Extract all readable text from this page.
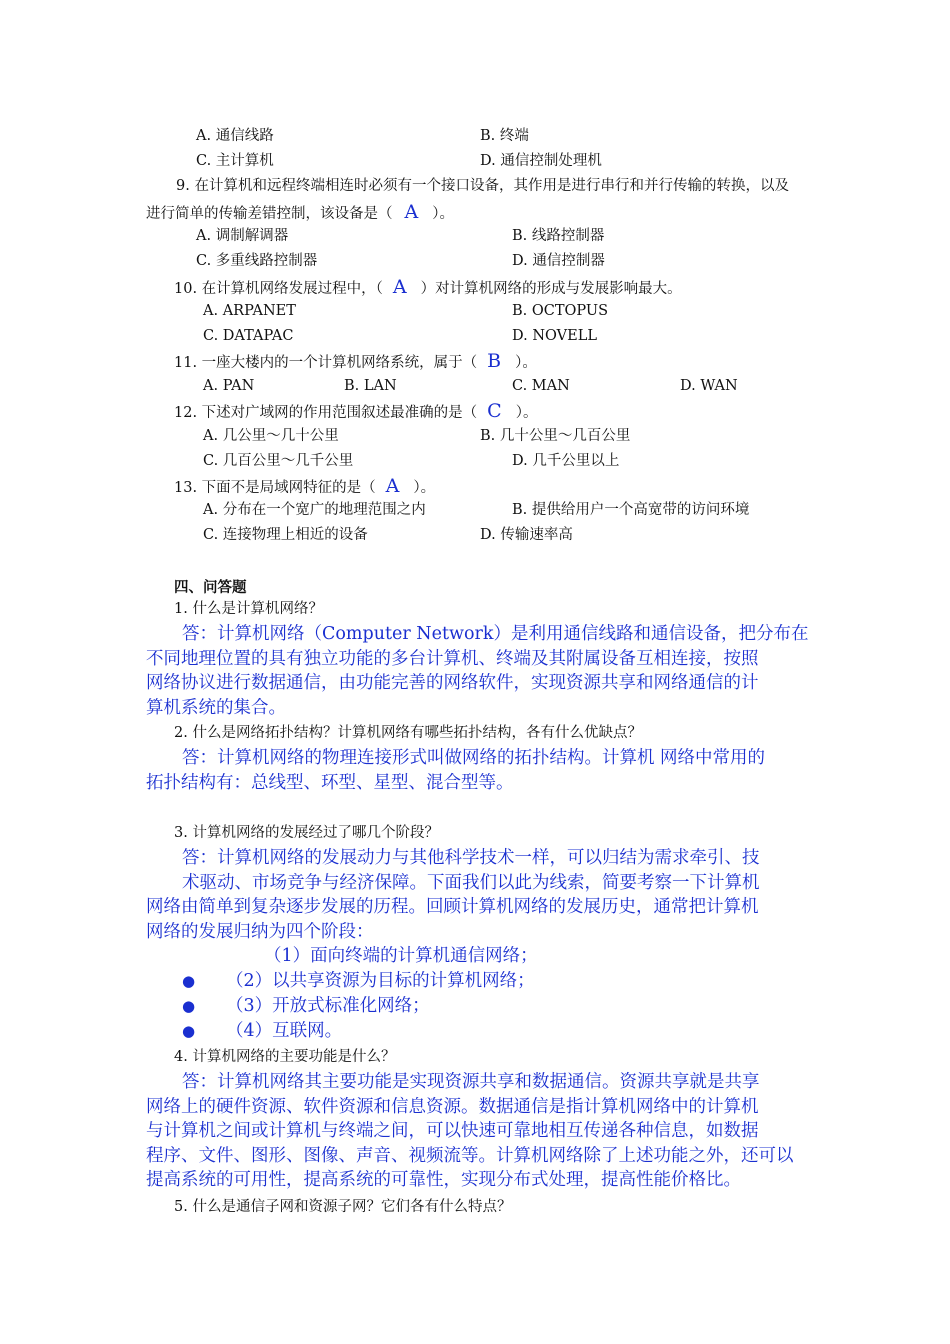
A. 通信线路	B. 终端
C. 主计算机	D. 通信控制处理机
9. 在计算机和远程终端相连时必须有一个接口设备，其作用是进行串行和并行传输的转换，以及
进行简单的传输差错控制，该设备是（ A ）。
A. 调制解调器	B. 线路控制器
C. 多重线路控制器	D. 通信控制器
10. 在计算机网络发展过程中，（ A ）对计算机网络的形成与发展影响最大。
A. ARPANET	B. OCTOPUS
C. DATAPAC	D. NOVELL
11. 一座大楼内的一个计算机网络系统，属于（ B ）。
A. PAN	B. LAN	C. MAN	D. WAN
12. 下述对广域网的作用范围叙述最准确的是（ C ）。
A. 几公里～几十公里	B. 几十公里～几百公里
C. 几百公里～几千公里	D. 几千公里以上
13. 下面不是局域网特征的是（ A ）。
A. 分布在一个宽广的地理范围之内	B. 提供给用户一个高宽带的访问环境
C. 连接物理上相近的设备	D. 传输速率高
四、问答题
1. 什么是计算机网络？
答：计算机网络（Computer Network）是利用通信线路和通信设备，把分布在
不同地理位置的具有独立功能的多台计算机、终端及其附属设备互相连接，按照
网络协议进行数据通信，由功能完善的网络软件，实现资源共享和网络通信的计
算机系统的集合。
2. 什么是网络拓扑结构？计算机网络有哪些拓扑结构，各有什么优缺点？
答：计算机网络的物理连接形式叫做网络的拓扑结构。计算机 网络中常用的
拓扑结构有：总线型、环型、星型、混合型等。
3. 计算机网络的发展经过了哪几个阶段？
答：计算机网络的发展动力与其他科学技术一样，可以归结为需求牵引、技
术驱动、市场竞争与经济保障。下面我们以此为线索，简要考察一下计算机
网络由简单到复杂逐步发展的历程。回顾计算机网络的发展历史，通常把计算机
网络的发展归纳为四个阶段：
（1）面向终端的计算机通信网络；
● （2）以共享资源为目标的计算机网络；
● （3）开放式标准化网络；
● （4）互联网。
4. 计算机网络的主要功能是什么？
答：计算机网络其主要功能是实现资源共享和数据通信。资源共享就是共享
网络上的硬件资源、软件资源和信息资源。数据通信是指计算机网络中的计算机
与计算机之间或计算机与终端之间，可以快速可靠地相互传递各种信息，如数据
程序、文件、图形、图像、声音、视频流等。计算机网络除了上述功能之外，还可以
提高系统的可用性，提高系统的可靠性，实现分布式处理，提高性能价格比。
5. 什么是通信子网和资源子网？它们各有什么特点？
